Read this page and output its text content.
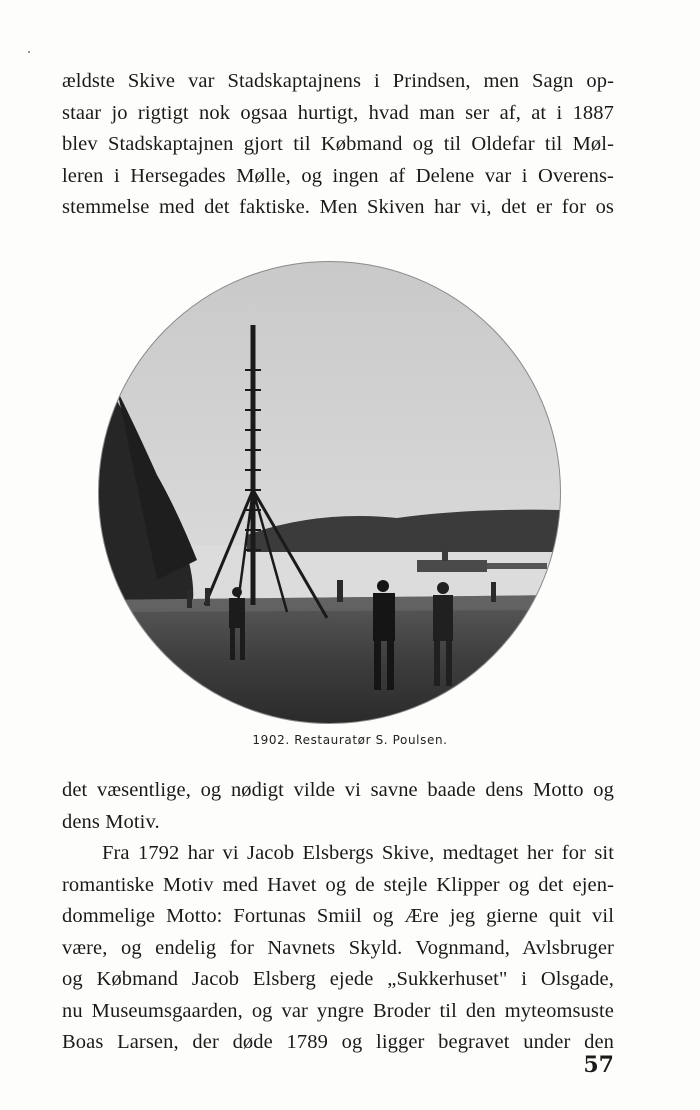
ældste Skive var Stadskaptajnens i Prindsen, men Sagn op-
staar jo rigtigt nok ogsaa hurtigt, hvad man ser af, at i 1887
blev Stadskaptajnen gjort til Købmand og til Oldefar til Møl-
leren i Hersegades Mølle, og ingen af Delene var i Overens-
stemmelse med det faktiske. Men Skiven har vi, det er for os
1902. Restauratør S. Poulsen.
det væsentlige, og nødigt vilde vi savne baade dens Motto og
dens Motiv.
Fra 1792 har vi Jacob Elsbergs Skive, medtaget her for sit
romantiske Motiv med Havet og de stejle Klipper og det ejen-
dommelige Motto: Fortunas Smiil og Ære jeg gierne quit vil
være, og endelig for Navnets Skyld. Vognmand, Avlsbruger
og Købmand Jacob Elsberg ejede „Sukkerhuset" i Olsgade,
nu Museumsgaarden, og var yngre Broder til den myteomsuste
Boas Larsen, der døde 1789 og ligger begravet under den
57
